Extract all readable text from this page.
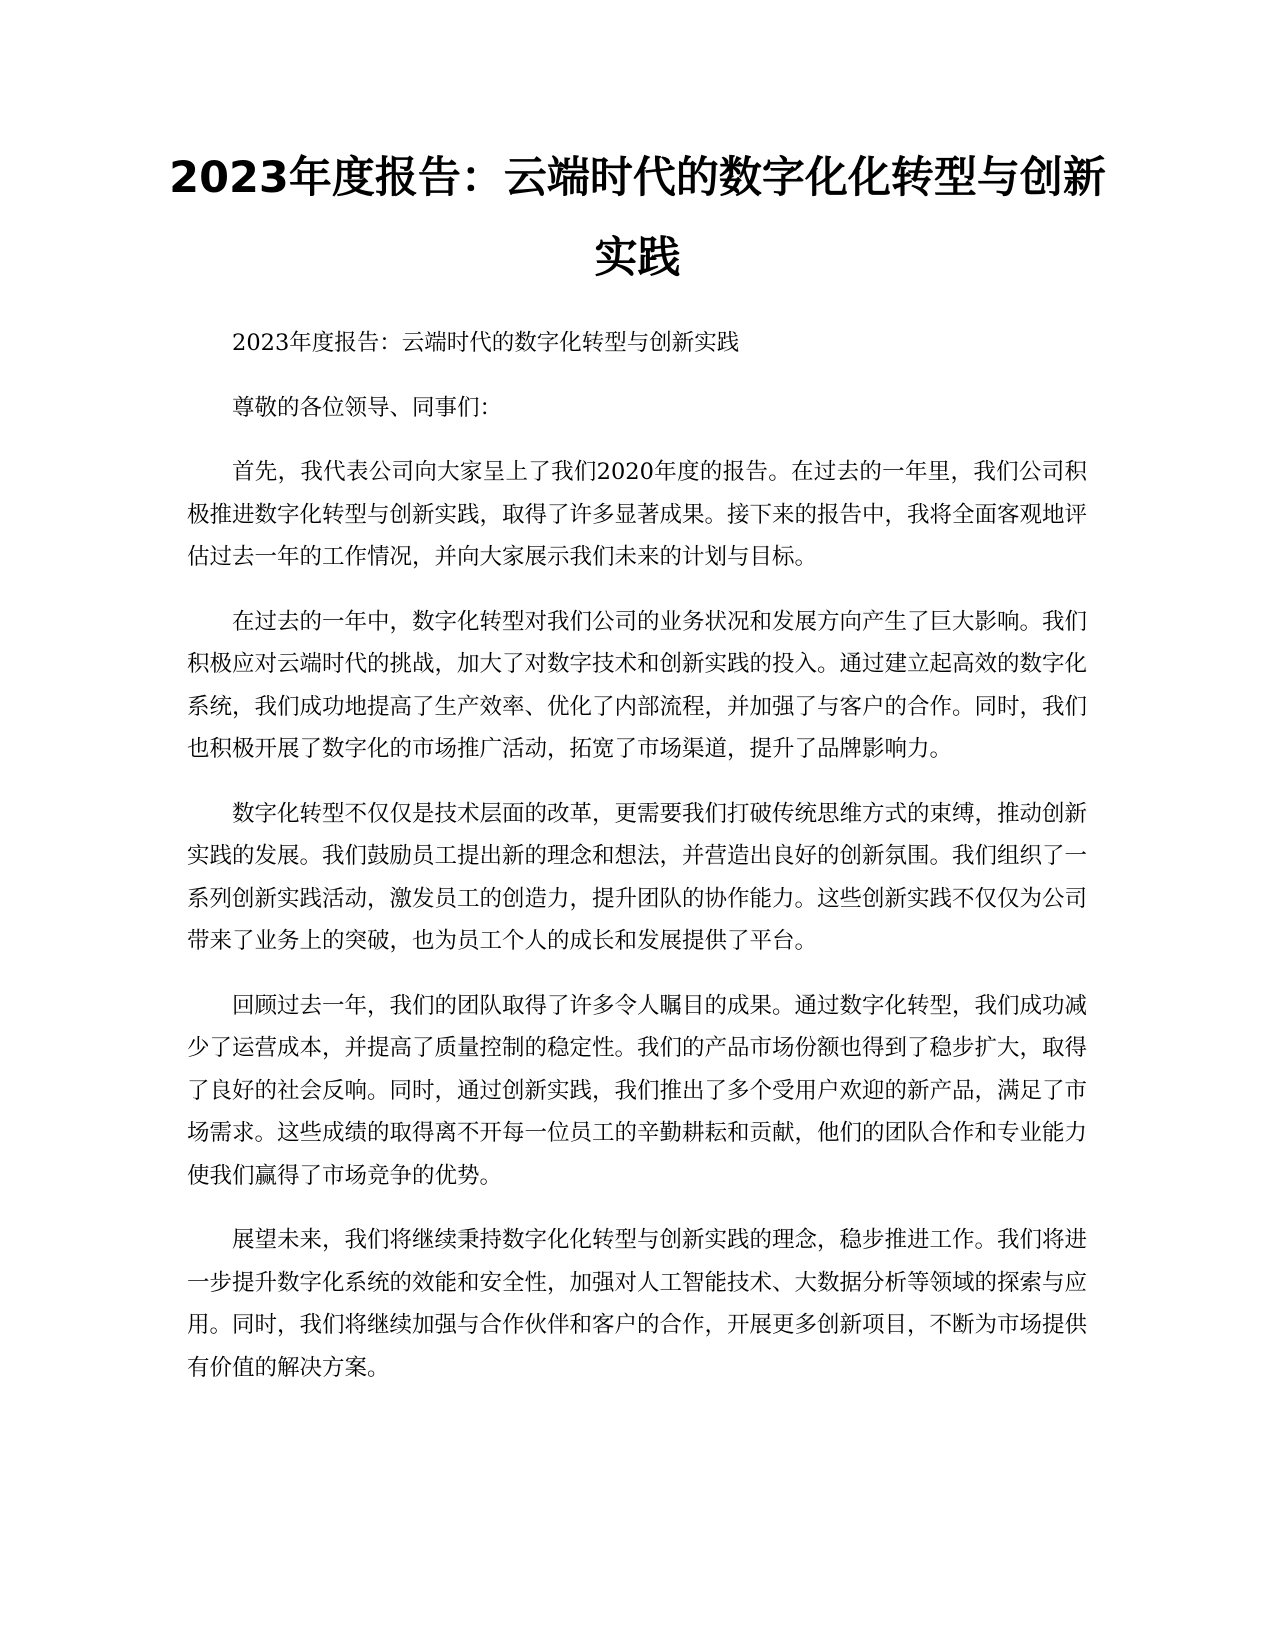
2023年度报告：云端时代的数字化化转型与创新实践

2023年度报告：云端时代的数字化转型与创新实践

尊敬的各位领导、同事们：

首先，我代表公司向大家呈上了我们2020年度的报告。在过去的一年里，我们公司积极推进数字化转型与创新实践，取得了许多显著成果。接下来的报告中，我将全面客观地评估过去一年的工作情况，并向大家展示我们未来的计划与目标。

在过去的一年中，数字化转型对我们公司的业务状况和发展方向产生了巨大影响。我们积极应对云端时代的挑战，加大了对数字技术和创新实践的投入。通过建立起高效的数字化系统，我们成功地提高了生产效率、优化了内部流程，并加强了与客户的合作。同时，我们也积极开展了数字化的市场推广活动，拓宽了市场渠道，提升了品牌影响力。

数字化转型不仅仅是技术层面的改革，更需要我们打破传统思维方式的束缚，推动创新实践的发展。我们鼓励员工提出新的理念和想法，并营造出良好的创新氛围。我们组织了一系列创新实践活动，激发员工的创造力，提升团队的协作能力。这些创新实践不仅仅为公司带来了业务上的突破，也为员工个人的成长和发展提供了平台。

回顾过去一年，我们的团队取得了许多令人瞩目的成果。通过数字化转型，我们成功减少了运营成本，并提高了质量控制的稳定性。我们的产品市场份额也得到了稳步扩大，取得了良好的社会反响。同时，通过创新实践，我们推出了多个受用户欢迎的新产品，满足了市场需求。这些成绩的取得离不开每一位员工的辛勤耕耘和贡献，他们的团队合作和专业能力使我们赢得了市场竞争的优势。

展望未来，我们将继续秉持数字化化转型与创新实践的理念，稳步推进工作。我们将进一步提升数字化系统的效能和安全性，加强对人工智能技术、大数据分析等领域的探索与应用。同时，我们将继续加强与合作伙伴和客户的合作，开展更多创新项目，不断为市场提供有价值的解决方案。
